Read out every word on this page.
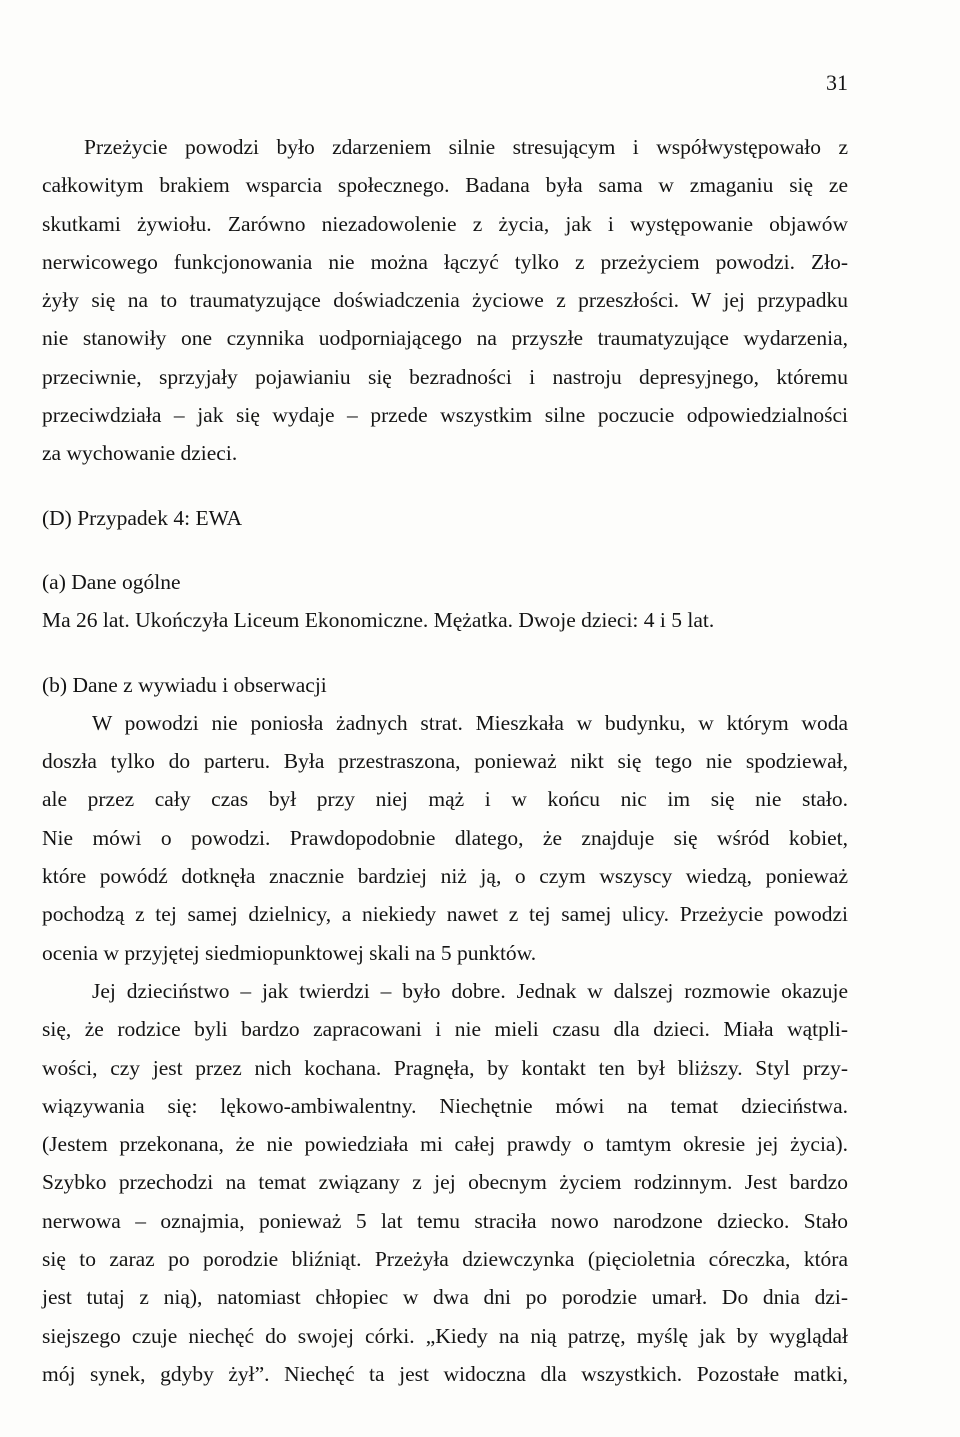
31
Przeżycie powodzi było zdarzeniem silnie stresującym i współwystępowało z
całkowitym brakiem wsparcia społecznego. Badana była sama w zmaganiu się ze
skutkami żywiołu. Zarówno niezadowolenie z życia, jak i występowanie objawów
nerwicowego funkcjonowania nie można łączyć tylko z przeżyciem powodzi. Zło-
żyły się na to traumatyzujące doświadczenia życiowe z przeszłości. W jej przypadku
nie stanowiły one czynnika uodporniającego na przyszłe traumatyzujące wydarzenia,
przeciwnie, sprzyjały pojawianiu się bezradności i nastroju depresyjnego, któremu
przeciwdziała – jak się wydaje – przede wszystkim silne poczucie odpowiedzialności
za wychowanie dzieci.
(D) Przypadek 4: EWA
(a) Dane ogólne
Ma 26 lat. Ukończyła Liceum Ekonomiczne. Mężatka. Dwoje dzieci: 4 i 5 lat.
(b) Dane z wywiadu i obserwacji
W powodzi nie poniosła żadnych strat. Mieszkała w budynku, w którym woda
doszła tylko do parteru. Była przestraszona, ponieważ nikt się tego nie spodziewał,
ale przez cały czas był przy niej mąż i w końcu nic im się nie stało.
Nie mówi o powodzi. Prawdopodobnie dlatego, że znajduje się wśród kobiet,
które powódź dotknęła znacznie bardziej niż ją, o czym wszyscy wiedzą, ponieważ
pochodzą z tej samej dzielnicy, a niekiedy nawet z tej samej ulicy. Przeżycie powodzi
ocenia w przyjętej siedmiopunktowej skali na 5 punktów.
Jej dzieciństwo – jak twierdzi – było dobre. Jednak w dalszej rozmowie okazuje
się, że rodzice byli bardzo zapracowani i nie mieli czasu dla dzieci. Miała wątpli-
wości, czy jest przez nich kochana. Pragnęła, by kontakt ten był bliższy. Styl przy-
wiązywania się: lękowo-ambiwalentny. Niechętnie mówi na temat dzieciństwa.
(Jestem przekonana, że nie powiedziała mi całej prawdy o tamtym okresie jej życia).
Szybko przechodzi na temat związany z jej obecnym życiem rodzinnym. Jest bardzo
nerwowa – oznajmia, ponieważ 5 lat temu straciła nowo narodzone dziecko. Stało
się to zaraz po porodzie bliźniąt. Przeżyła dziewczynka (pięcioletnia córeczka, która
jest tutaj z nią), natomiast chłopiec w dwa dni po porodzie umarł. Do dnia dzi-
siejszego czuje niechęć do swojej córki. „Kiedy na nią patrzę, myślę jak by wyglądał
mój synek, gdyby żył”. Niechęć ta jest widoczna dla wszystkich. Pozostałe matki,
